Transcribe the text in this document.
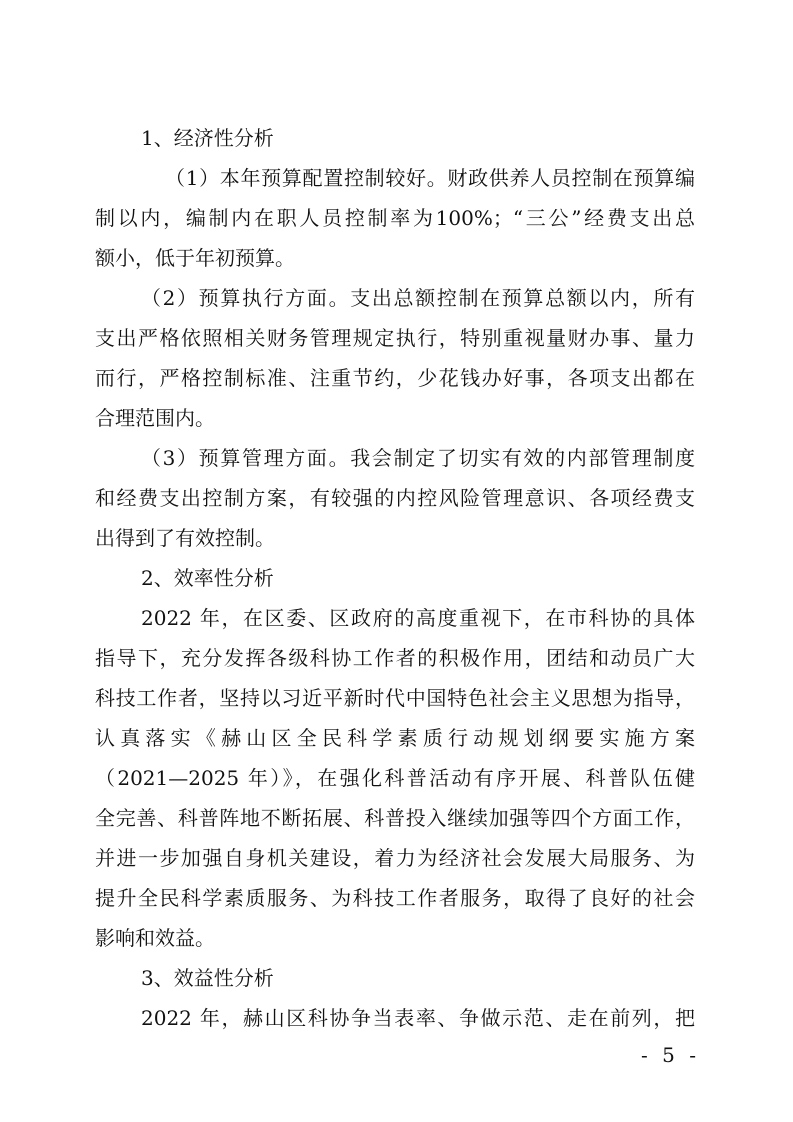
1、经济性分析

（1）本年预算配置控制较好。财政供养人员控制在预算编

制以内，编制内在职人员控制率为100%；“三公”经费支出总

额小，低于年初预算。

（2）预算执行方面。支出总额控制在预算总额以内，所有

支出严格依照相关财务管理规定执行，特别重视量财办事、量力

而行，严格控制标准、注重节约，少花钱办好事，各项支出都在

合理范围内。

（3）预算管理方面。我会制定了切实有效的内部管理制度

和经费支出控制方案，有较强的内控风险管理意识、各项经费支

出得到了有效控制。

2、效率性分析

2022 年，在区委、区政府的高度重视下，在市科协的具体

指导下，充分发挥各级科协工作者的积极作用，团结和动员广大

科技工作者，坚持以习近平新时代中国特色社会主义思想为指导，

认真落实《赫山区全民科学素质行动规划纲要实施方案

（2021—2025 年）》，在强化科普活动有序开展、科普队伍健

全完善、科普阵地不断拓展、科普投入继续加强等四个方面工作，

并进一步加强自身机关建设，着力为经济社会发展大局服务、为

提升全民科学素质服务、为科技工作者服务，取得了良好的社会

影响和效益。

3、效益性分析

2022 年，赫山区科协争当表率、争做示范、走在前列，把

- 5 -
